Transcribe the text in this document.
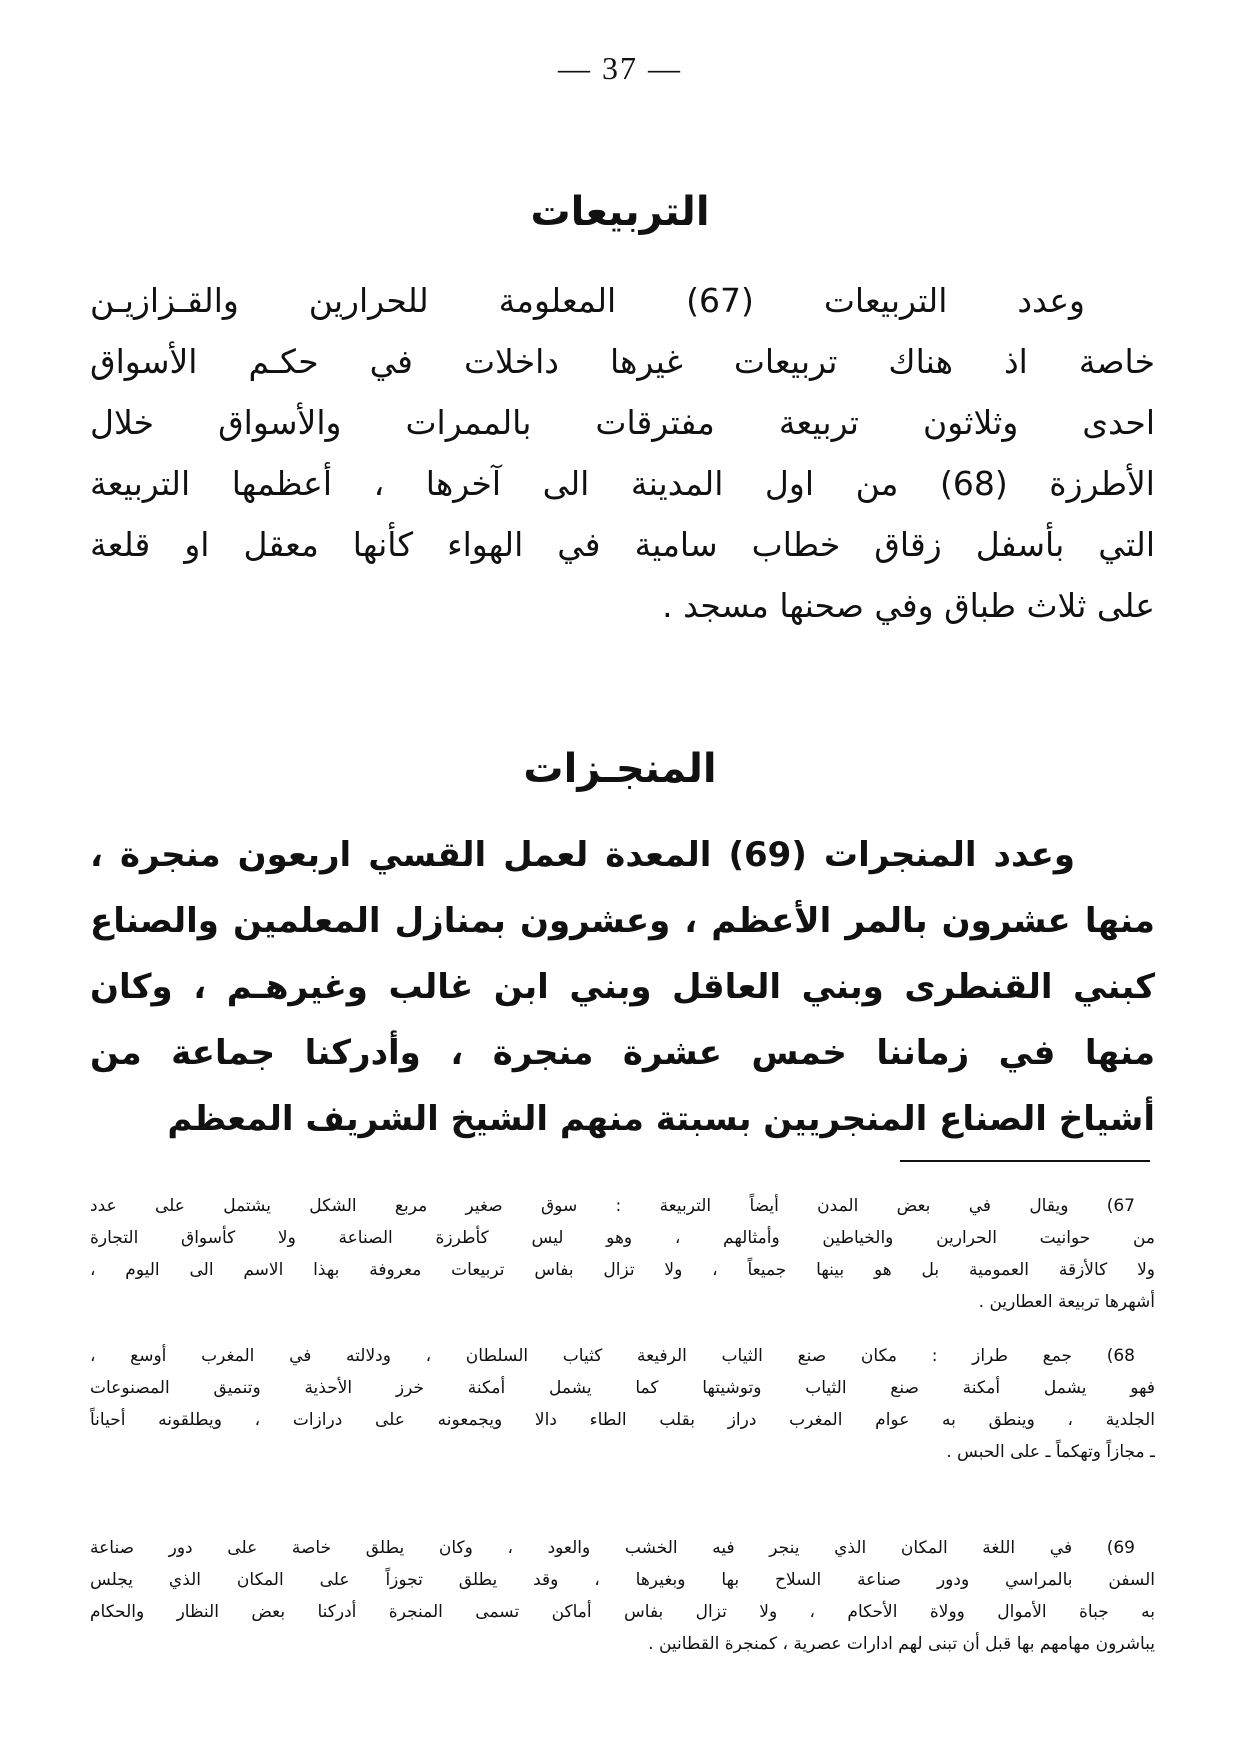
— 37 —
التربيعات

وعدد التربيعات (67) المعلومة للحرارين والقـزازيـن
خاصة اذ هناك تربيعات غيرها داخلات في حكـم الأسواق
احدى وثلاثون تربيعة مفترقات بالممرات والأسواق خلال
الأطرزة (68) من اول المدينة الى آخرها ، أعظمها التربيعة
التي بأسفل زقاق خطاب سامية في الهواء كأنها معقل او قلعة
على ثلاث طباق وفي صحنها مسجد .

المنجـزات

وعدد المنجرات (69) المعدة لعمل القسي اربعون منجرة ،
منها عشرون بالمر الأعظم ، وعشرون بمنازل المعلمين والصناع
كبني القنطرى وبني العاقل وبني ابن غالب وغيرهـم ، وكان
منها في زماننا خمس عشرة منجرة ، وأدركنا جماعة من
أشياخ الصناع المنجريين بسبتة منهم الشيخ الشريف المعظم

67) ويقال في بعض المدن أيضاً التربيعة : سوق صغير مربع الشكل يشتمل على عدد
من حوانيت الحرارين والخياطين وأمثالهم ، وهو ليس كأطرزة الصناعة ولا كأسواق التجارة
ولا كالأزقة العمومية بل هو بينها جميعاً ، ولا تزال بفاس تربيعات معروفة بهذا الاسم الى اليوم ،
أشهرها تربيعة العطارين .

68) جمع طراز : مكان صنع الثياب الرفيعة كثياب السلطان ، ودلالته في المغرب أوسع ،
فهو يشمل أمكنة صنع الثياب وتوشيتها كما يشمل أمكنة خرز الأحذية وتنميق المصنوعات
الجلدية ، وينطق به عوام المغرب دراز بقلب الطاء دالا ويجمعونه على درازات ، ويطلقونه أحياناً
ـ مجازاً وتهكماً ـ على الحبس .

69) في اللغة المكان الذي ينجر فيه الخشب والعود ، وكان يطلق خاصة على دور صناعة
السفن بالمراسي ودور صناعة السلاح بها وبغيرها ، وقد يطلق تجوزاً على المكان الذي يجلس
به جباة الأموال وولاة الأحكام ، ولا تزال بفاس أماكن تسمى المنجرة أدركنا بعض النظار والحكام
يباشرون مهامهم بها قبل أن تبنى لهم ادارات عصرية ، كمنجرة القطانين .
